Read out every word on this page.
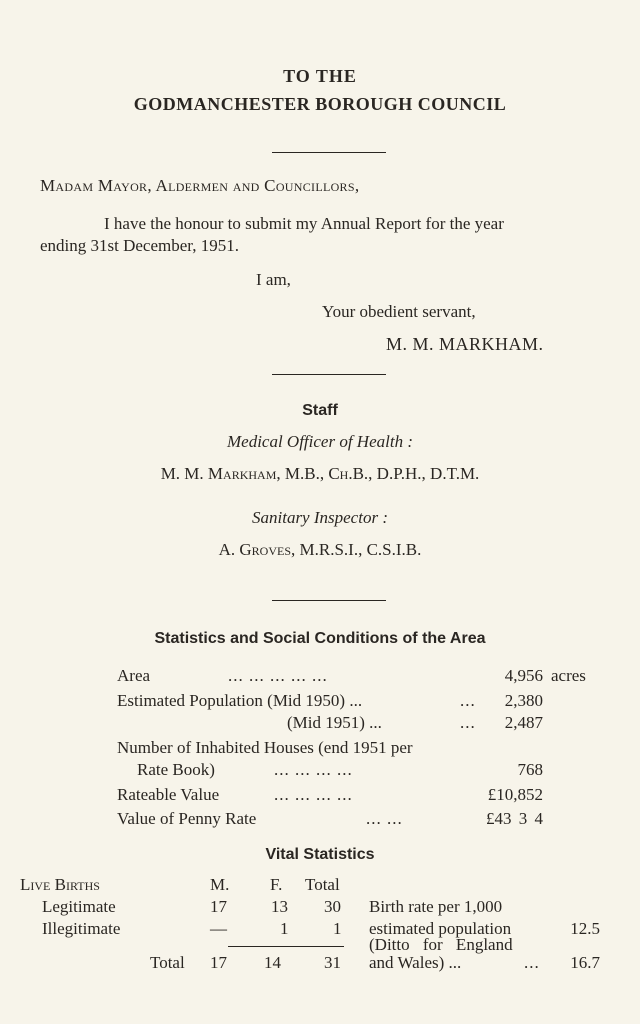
TO THE
GODMANCHESTER BOROUGH COUNCIL
Madam Mayor, Aldermen and Councillors,
I have the honour to submit my Annual Report for the year
ending 31st December, 1951.
I am,
Your obedient servant,
M. M. MARKHAM.
Staff
Medical Officer of Health :
M. M. Markham, M.B., Ch.B., D.P.H., D.T.M.
Sanitary Inspector :
A. Groves, M.R.S.I., C.S.I.B.
Statistics and Social Conditions of the Area
Area	... ... ... ... ...	4,956 acres
Estimated Population (Mid 1950) ...	...	2,380
(Mid 1951) ...	...	2,487
Number of Inhabited Houses (end 1951 per
Rate Book)	... ... ... ...	768
Rateable Value	... ... ... ...	£10,852
Value of Penny Rate	... ...	£43 3 4
Vital Statistics
Live Births	M. F. Total
Legitimate	17	13 30
Illegitimate	—	1	1
Total 17 14	31
Birth rate per 1,000
estimated population	12.5
(Ditto for England
and Wales) ...	...	16.7
